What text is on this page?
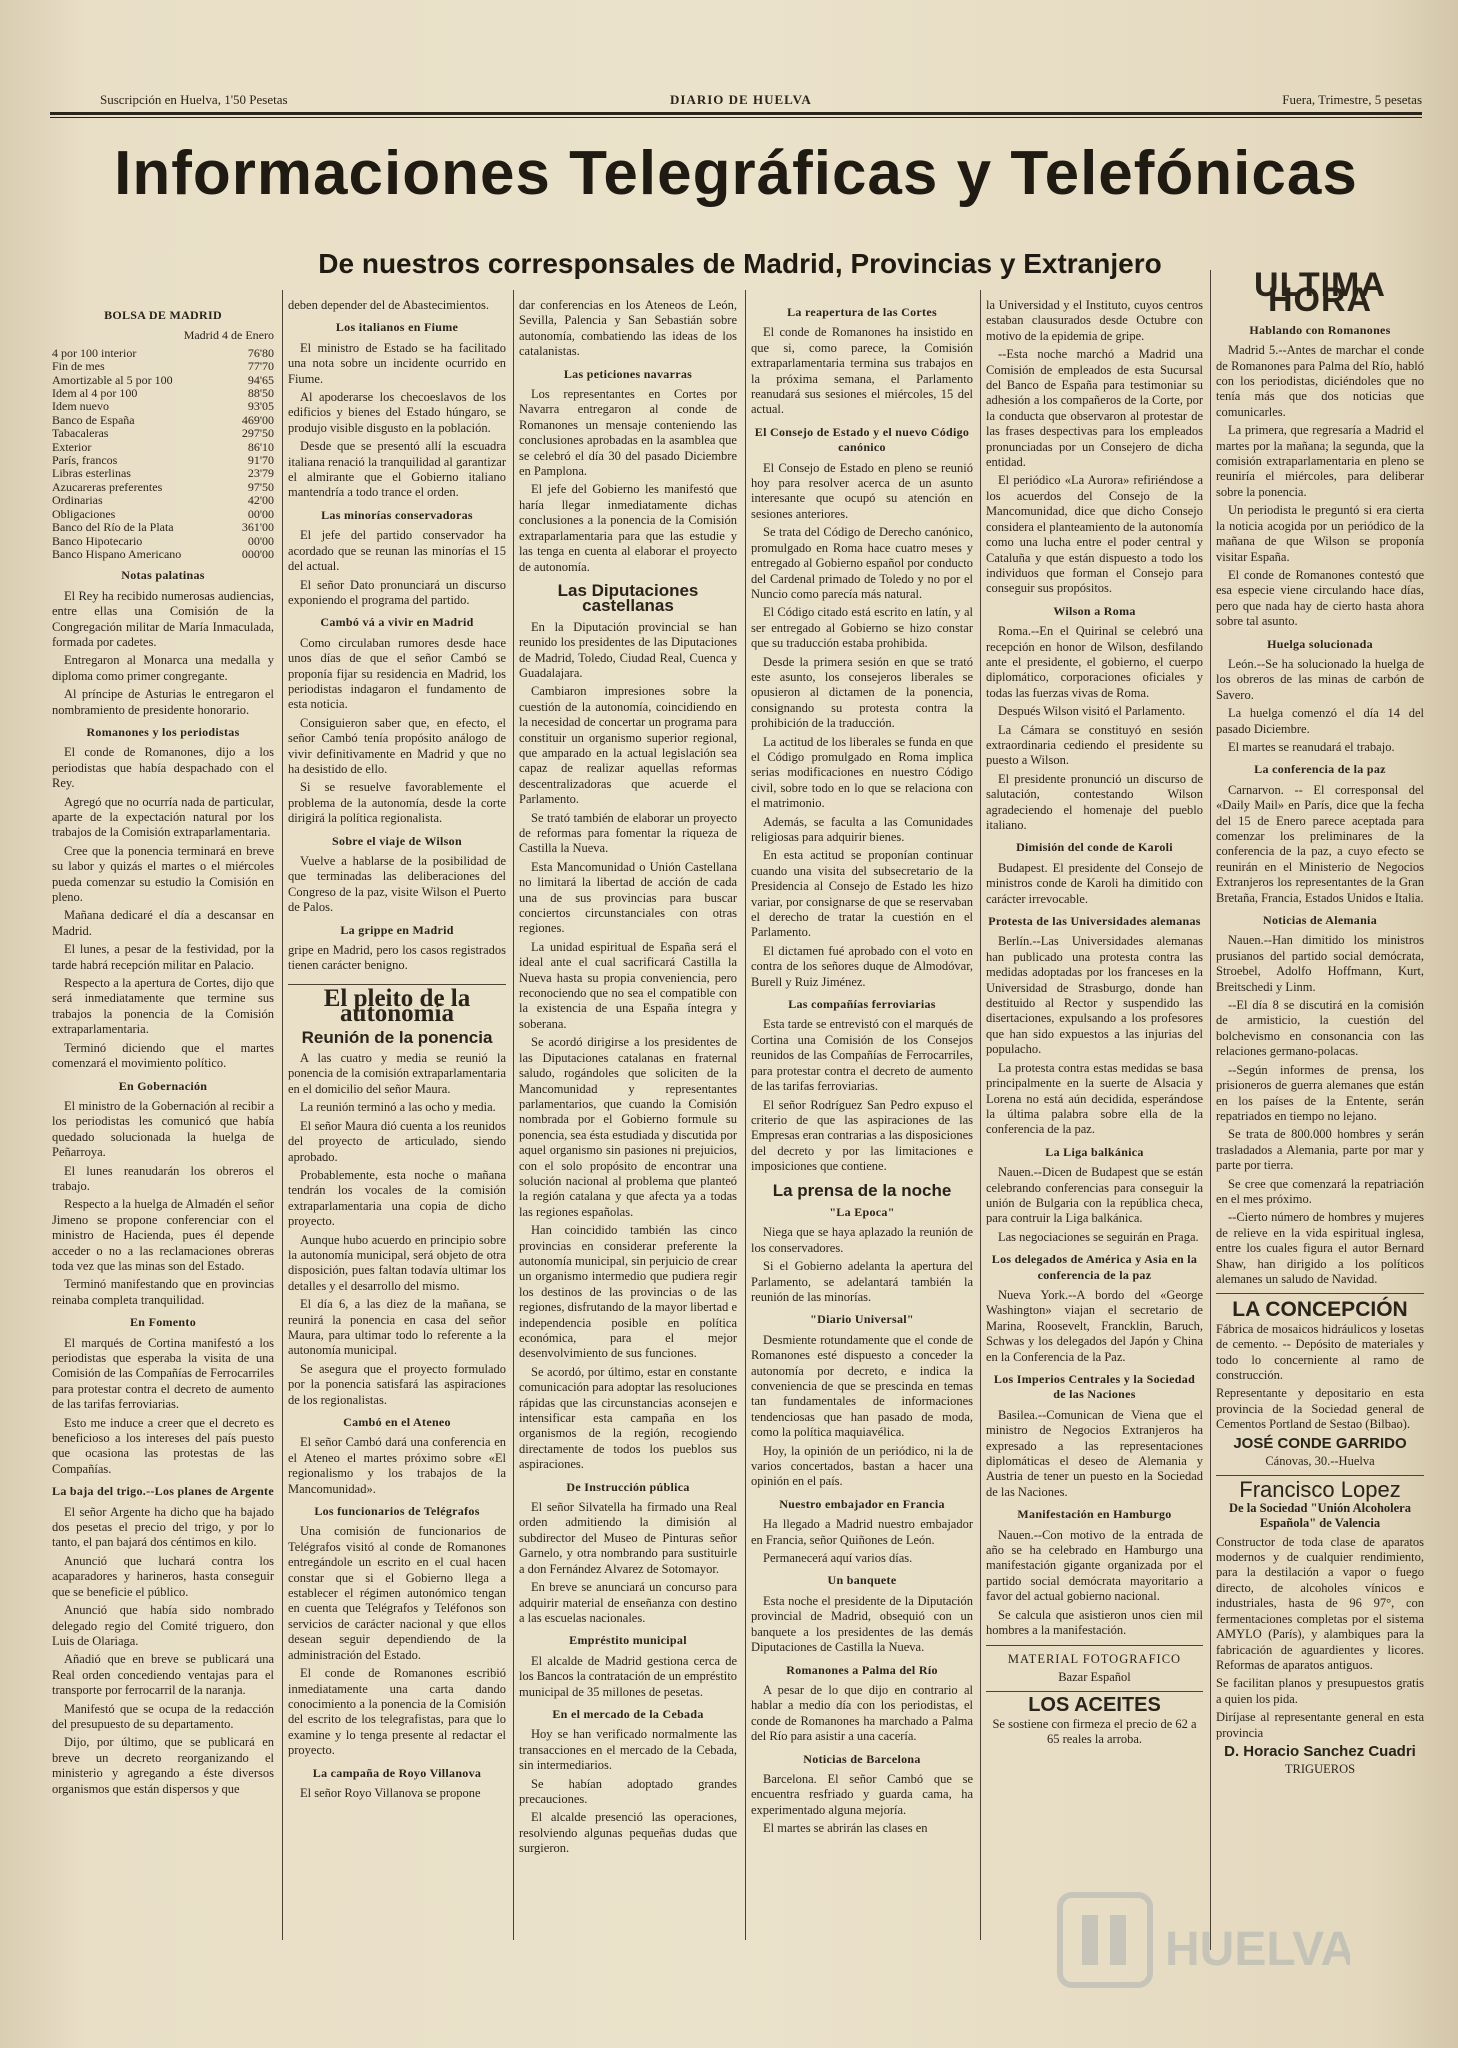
Suscripción en Huelva, 1'50 Pesetas	DIARIO DE HUELVA	Fuera, Trimestre, 5 pesetas
Informaciones Telegráficas y Telefónicas
De nuestros corresponsales de Madrid, Provincias y Extranjero
BOLSA DE MADRID
Madrid 4 de Enero
4 por 100 interior	76'80
Fin de mes	77'70
Amortizable al 5 por 100	94'65
Idem al 4 por 100	88'50
Idem nuevo	93'05
Banco de España	469'00
Tabacaleras	297'50
Exterior	86'10
París, francos	91'70
Libras esterlinas	23'79
Azucareras preferentes	97'50
Ordinarias	42'00
Obligaciones	00'00
Banco del Río de la Plata	361'00
Banco Hipotecario	00'00
Banco Hispano Americano	000'00
Notas palatinas

El Rey ha recibido numerosas audiencias, entre ellas una Comisión de la Congregación militar de María Inmaculada, formada por cadetes.

Entregaron al Monarca una medalla y diploma como primer congregante.

Al príncipe de Asturias le entregaron el nombramiento de presidente honorario.

Romanones y los periodistas

El conde de Romanones, dijo a los periodistas que había despachado con el Rey.

Agregó que no ocurría nada de particular, aparte de la expectación natural por los trabajos de la Comisión extraparlamentaria.

Cree que la ponencia terminará en breve su labor y quizás el martes o el miércoles pueda comenzar su estudio la Comisión en pleno.

Mañana dedicaré el día a descansar en Madrid.

El lunes, a pesar de la festividad, por la tarde habrá recepción militar en Palacio.

Respecto a la apertura de Cortes, dijo que será inmediatamente que termine sus trabajos la ponencia de la Comisión extraparlamentaria.

Terminó diciendo que el martes comenzará el movimiento político.

En Gobernación

El ministro de la Gobernación al recibir a los periodistas les comunicó que había quedado solucionada la huelga de Peñarroya.

El lunes reanudarán los obreros el trabajo.

Respecto a la huelga de Almadén el señor Jimeno se propone conferenciar con el ministro de Hacienda, pues él depende acceder o no a las reclamaciones obreras toda vez que las minas son del Estado.

Terminó manifestando que en provincias reinaba completa tranquilidad.

En Fomento

El marqués de Cortina manifestó a los periodistas que esperaba la visita de una Comisión de las Compañías de Ferrocarriles para protestar contra el decreto de aumento de las tarifas ferroviarias.

Esto me induce a creer que el decreto es beneficioso a los intereses del país puesto que ocasiona las protestas de las Compañías.

La baja del trigo.--Los planes de Argente

El señor Argente ha dicho que ha bajado dos pesetas el precio del trigo, y por lo tanto, el pan bajará dos céntimos en kilo.

Anunció que luchará contra los acaparadores y harineros, hasta conseguir que se beneficie el público.

Anunció que había sido nombrado delegado regio del Comité triguero, don Luis de Olariaga.

Añadió que en breve se publicará una Real orden concediendo ventajas para el transporte por ferrocarril de la naranja.

Manifestó que se ocupa de la redacción del presupuesto de su departamento.

Dijo, por último, que se publicará en breve un decreto reorganizando el ministerio y agregando a éste diversos organismos que están dispersos y que

deben depender del de Abastecimientos.

Los italianos en Fiume

El ministro de Estado se ha facilitado una nota sobre un incidente ocurrido en Fiume.

Al apoderarse los checoeslavos de los edificios y bienes del Estado húngaro, se produjo visible disgusto en la población.

Desde que se presentó allí la escuadra italiana renació la tranquilidad al garantizar el almirante que el Gobierno italiano mantendría a todo trance el orden.

Las minorías conservadoras

El jefe del partido conservador ha acordado que se reunan las minorías el 15 del actual.

El señor Dato pronunciará un discurso exponiendo el programa del partido.

Cambó vá a vivir en Madrid

Como circulaban rumores desde hace unos días de que el señor Cambó se proponía fijar su residencia en Madrid, los periodistas indagaron el fundamento de esta noticia.

Consiguieron saber que, en efecto, el señor Cambó tenía propósito análogo de vivir definitivamente en Madrid y que no ha desistido de ello.

Si se resuelve favorablemente el problema de la autonomía, desde la corte dirigirá la política regionalista.

Sobre el viaje de Wilson

Vuelve a hablarse de la posibilidad de que terminadas las deliberaciones del Congreso de la paz, visite Wilson el Puerto de Palos.

La grippe en Madrid

gripe en Madrid, pero los casos registrados tienen carácter benigno.

El pleito de la autonomía
Reunión de la ponencia

A las cuatro y media se reunió la ponencia de la comisión extraparlamentaria en el domicilio del señor Maura.

La reunión terminó a las ocho y media.

El señor Maura dió cuenta a los reunidos del proyecto de articulado, siendo aprobado.

Probablemente, esta noche o mañana tendrán los vocales de la comisión extraparlamentaria una copia de dicho proyecto.

Aunque hubo acuerdo en principio sobre la autonomía municipal, será objeto de otra disposición, pues faltan todavía ultimar los detalles y el desarrollo del mismo.

El día 6, a las diez de la mañana, se reunirá la ponencia en casa del señor Maura, para ultimar todo lo referente a la autonomía municipal.

Se asegura que el proyecto formulado por la ponencia satisfará las aspiraciones de los regionalistas.

Cambó en el Ateneo

El señor Cambó dará una conferencia en el Ateneo el martes próximo sobre «El regionalismo y los trabajos de la Mancomunidad».

Los funcionarios de Telégrafos

Una comisión de funcionarios de Telégrafos visitó al conde de Romanones entregándole un escrito en el cual hacen constar que si el Gobierno llega a establecer el régimen autonómico tengan en cuenta que Telégrafos y Teléfonos son servicios de carácter nacional y que ellos desean seguir dependiendo de la administración del Estado.

El conde de Romanones escribió inmediatamente una carta dando conocimiento a la ponencia de la Comisión del escrito de los telegrafistas, para que lo examine y lo tenga presente al redactar el proyecto.

La campaña de Royo Villanova

El señor Royo Villanova se propone

dar conferencias en los Ateneos de León, Sevilla, Palencia y San Sebastián sobre autonomía, combatiendo las ideas de los catalanistas.

Las peticiones navarras

Los representantes en Cortes por Navarra entregaron al conde de Romanones un mensaje conteniendo las conclusiones aprobadas en la asamblea que se celebró el día 30 del pasado Diciembre en Pamplona.

El jefe del Gobierno les manifestó que haría llegar inmediatamente dichas conclusiones a la ponencia de la Comisión extraparlamentaria para que las estudie y las tenga en cuenta al elaborar el proyecto de autonomía.

Las Diputaciones castellanas

En la Diputación provincial se han reunido los presidentes de las Diputaciones de Madrid, Toledo, Ciudad Real, Cuenca y Guadalajara.

Cambiaron impresiones sobre la cuestión de la autonomía, coincidiendo en la necesidad de concertar un programa para constituir un organismo superior regional, que amparado en la actual legislación sea capaz de realizar aquellas reformas descentralizadoras que acuerde el Parlamento.

Se trató también de elaborar un proyecto de reformas para fomentar la riqueza de Castilla la Nueva.

Esta Mancomunidad o Unión Castellana no limitará la libertad de acción de cada una de sus provincias para buscar conciertos circunstanciales con otras regiones.

La unidad espiritual de España será el ideal ante el cual sacrificará Castilla la Nueva hasta su propia conveniencia, pero reconociendo que no sea el compatible con la existencia de una España íntegra y soberana.

Se acordó dirigirse a los presidentes de las Diputaciones catalanas en fraternal saludo, rogándoles que soliciten de la Mancomunidad y representantes parlamentarios, que cuando la Comisión nombrada por el Gobierno formule su ponencia, sea ésta estudiada y discutida por aquel organismo sin pasiones ni prejuicios, con el solo propósito de encontrar una solución nacional al problema que planteó la región catalana y que afecta ya a todas las regiones españolas.

Han coincidido también las cinco provincias en considerar preferente la autonomía municipal, sin perjuicio de crear un organismo intermedio que pudiera regir los destinos de las provincias o de las regiones, disfrutando de la mayor libertad e independencia posible en política económica, para el mejor desenvolvimiento de sus funciones.

Se acordó, por último, estar en constante comunicación para adoptar las resoluciones rápidas que las circunstancias aconsejen e intensificar esta campaña en los organismos de la región, recogiendo directamente de todos los pueblos sus aspiraciones.

De Instrucción pública

El señor Silvatella ha firmado una Real orden admitiendo la dimisión al subdirector del Museo de Pinturas señor Garnelo, y otra nombrando para sustituirle a don Fernández Alvarez de Sotomayor.

En breve se anunciará un concurso para adquirir material de enseñanza con destino a las escuelas nacionales.

Empréstito municipal

El alcalde de Madrid gestiona cerca de los Bancos la contratación de un empréstito municipal de 35 millones de pesetas.

En el mercado de la Cebada

Hoy se han verificado normalmente las transacciones en el mercado de la Cebada, sin intermediarios.

Se habían adoptado grandes precauciones.

El alcalde presenció las operaciones, resolviendo algunas pequeñas dudas que surgieron.

La reapertura de las Cortes

El conde de Romanones ha insistido en que si, como parece, la Comisión extraparlamentaria termina sus trabajos en la próxima semana, el Parlamento reanudará sus sesiones el miércoles, 15 del actual.

El Consejo de Estado y el nuevo Código canónico

El Consejo de Estado en pleno se reunió hoy para resolver acerca de un asunto interesante que ocupó su atención en sesiones anteriores.

Se trata del Código de Derecho canónico, promulgado en Roma hace cuatro meses y entregado al Gobierno español por conducto del Cardenal primado de Toledo y no por el Nuncio como parecía más natural.

El Código citado está escrito en latín, y al ser entregado al Gobierno se hizo constar que su traducción estaba prohibida.

Desde la primera sesión en que se trató este asunto, los consejeros liberales se opusieron al dictamen de la ponencia, consignando su protesta contra la prohibición de la traducción.

La actitud de los liberales se funda en que el Código promulgado en Roma implica serias modificaciones en nuestro Código civil, sobre todo en lo que se relaciona con el matrimonio.

Además, se faculta a las Comunidades religiosas para adquirir bienes.

En esta actitud se proponían continuar cuando una visita del subsecretario de la Presidencia al Consejo de Estado les hizo variar, por consignarse de que se reservaban el derecho de tratar la cuestión en el Parlamento.

El dictamen fué aprobado con el voto en contra de los señores duque de Almodóvar, Burell y Ruiz Jiménez.

Las compañías ferroviarias

Esta tarde se entrevistó con el marqués de Cortina una Comisión de los Consejos reunidos de las Compañías de Ferrocarriles, para protestar contra el decreto de aumento de las tarifas ferroviarias.

El señor Rodríguez San Pedro expuso el criterio de que las aspiraciones de las Empresas eran contrarias a las disposiciones del decreto y por las limitaciones e imposiciones que contiene.

La prensa de la noche
"La Epoca"

Niega que se haya aplazado la reunión de los conservadores.

Si el Gobierno adelanta la apertura del Parlamento, se adelantará también la reunión de las minorías.

"Diario Universal"

Desmiente rotundamente que el conde de Romanones esté dispuesto a conceder la autonomía por decreto, e indica la conveniencia de que se prescinda en temas tan fundamentales de informaciones tendenciosas que han pasado de moda, como la política maquiavélica.

Hoy, la opinión de un periódico, ni la de varios concertados, bastan a hacer una opinión en el país.

Nuestro embajador en Francia

Ha llegado a Madrid nuestro embajador en Francia, señor Quiñones de León.

Permanecerá aquí varios días.

Un banquete

Esta noche el presidente de la Diputación provincial de Madrid, obsequió con un banquete a los presidentes de las demás Diputaciones de Castilla la Nueva.

Romanones a Palma del Río

A pesar de lo que dijo en contrario al hablar a medio día con los periodistas, el conde de Romanones ha marchado a Palma del Río para asistir a una cacería.

Noticias de Barcelona

Barcelona. El señor Cambó que se encuentra resfriado y guarda cama, ha experimentado alguna mejoría.

El martes se abrirán las clases en

la Universidad y el Instituto, cuyos centros estaban clausurados desde Octubre con motivo de la epidemia de gripe.

--Esta noche marchó a Madrid una Comisión de empleados de esta Sucursal del Banco de España para testimoniar su adhesión a los compañeros de la Corte, por la conducta que observaron al protestar de las frases despectivas para los empleados pronunciadas por un Consejero de dicha entidad.

El periódico «La Aurora» refiriéndose a los acuerdos del Consejo de la Mancomunidad, dice que dicho Consejo considera el planteamiento de la autonomía como una lucha entre el poder central y Cataluña y que están dispuesto a todo los individuos que forman el Consejo para conseguir sus propósitos.

Wilson a Roma

Roma.--En el Quirinal se celebró una recepción en honor de Wilson, desfilando ante el presidente, el gobierno, el cuerpo diplomático, corporaciones oficiales y todas las fuerzas vivas de Roma.

Después Wilson visitó el Parlamento.

La Cámara se constituyó en sesión extraordinaria cediendo el presidente su puesto a Wilson.

El presidente pronunció un discurso de salutación, contestando Wilson agradeciendo el homenaje del pueblo italiano.

Dimisión del conde de Karoli

Budapest. El presidente del Consejo de ministros conde de Karoli ha dimitido con carácter irrevocable.

Protesta de las Universidades alemanas

Berlín.--Las Universidades alemanas han publicado una protesta contra las medidas adoptadas por los franceses en la Universidad de Strasburgo, donde han destituido al Rector y suspendido las disertaciones, expulsando a los profesores que han sido expuestos a las injurias del populacho.

La protesta contra estas medidas se basa principalmente en la suerte de Alsacia y Lorena no está aún decidida, esperándose la última palabra sobre ella de la conferencia de la paz.

La Liga balkánica

Nauen.--Dicen de Budapest que se están celebrando conferencias para conseguir la unión de Bulgaria con la república checa, para contruir la Liga balkánica.

Las negociaciones se seguirán en Praga.

Los delegados de América y Asia en la conferencia de la paz

Nueva York.--A bordo del «George Washington» viajan el secretario de Marina, Roosevelt, Francklin, Baruch, Schwas y los delegados del Japón y China en la Conferencia de la Paz.

Los Imperios Centrales y la Sociedad de las Naciones

Basilea.--Comunican de Viena que el ministro de Negocios Extranjeros ha expresado a las representaciones diplomáticas el deseo de Alemania y Austria de tener un puesto en la Sociedad de las Naciones.

Manifestación en Hamburgo

Nauen.--Con motivo de la entrada de año se ha celebrado en Hamburgo una manifestación gigante organizada por el partido social demócrata mayoritario a favor del actual gobierno nacional.

Se calcula que asistieron unos cien mil hombres a la manifestación.

MATERIAL FOTOGRAFICO

Bazar Español

LOS ACEITES

Se sostiene con firmeza el precio de 62 a 65 reales la arroba.

ULTIMA HORA
Hablando con Romanones

Madrid 5.--Antes de marchar el conde de Romanones para Palma del Río, habló con los periodistas, diciéndoles que no tenía más que dos noticias que comunicarles.

La primera, que regresaría a Madrid el martes por la mañana; la segunda, que la comisión extraparlamentaria en pleno se reuniría el miércoles, para deliberar sobre la ponencia.

Un periodista le preguntó si era cierta la noticia acogida por un periódico de la mañana de que Wilson se proponía visitar España.

El conde de Romanones contestó que esa especie viene circulando hace días, pero que nada hay de cierto hasta ahora sobre tal asunto.

Huelga solucionada

León.--Se ha solucionado la huelga de los obreros de las minas de carbón de Savero.

La huelga comenzó el día 14 del pasado Diciembre.

El martes se reanudará el trabajo.

La conferencia de la paz

Carnarvon. -- El corresponsal del «Daily Mail» en París, dice que la fecha del 15 de Enero parece aceptada para comenzar los preliminares de la conferencia de la paz, a cuyo efecto se reunirán en el Ministerio de Negocios Extranjeros los representantes de la Gran Bretaña, Francia, Estados Unidos e Italia.

Noticias de Alemania

Nauen.--Han dimitido los ministros prusianos del partido social demócrata, Stroebel, Adolfo Hoffmann, Kurt, Breitschedi y Linm.

--El día 8 se discutirá en la comisión de armisticio, la cuestión del bolchevismo en consonancia con las relaciones germano-polacas.

--Según informes de prensa, los prisioneros de guerra alemanes que están en los países de la Entente, serán repatriados en tiempo no lejano.

Se trata de 800.000 hombres y serán trasladados a Alemania, parte por mar y parte por tierra.

Se cree que comenzará la repatriación en el mes próximo.

--Cierto número de hombres y mujeres de relieve en la vida espiritual inglesa, entre los cuales figura el autor Bernard Shaw, han dirigido a los políticos alemanes un saludo de Navidad.

LA CONCEPCIÓN

Fábrica de mosaicos hidráulicos y losetas de cemento. -- Depósito de materiales y todo lo concerniente al ramo de construcción.

Representante y depositario en esta provincia de la Sociedad general de Cementos Portland de Sestao (Bilbao).

JOSÉ CONDE GARRIDO

Cánovas, 30.--Huelva

Francisco Lopez

De la Sociedad "Unión Alcoholera Española" de Valencia

Constructor de toda clase de aparatos modernos y de cualquier rendimiento, para la destilación a vapor o fuego directo, de alcoholes vínicos e industriales, hasta de 96 97°, con fermentaciones completas por el sistema AMYLO (París), y alambiques para la fabricación de aguardientes y licores. Reformas de aparatos antiguos.

Se facilitan planos y presupuestos gratis a quien los pida.

Diríjase al representante general en esta provincia

D. Horacio Sanchez Cuadri

TRIGUEROS

HUELVA
